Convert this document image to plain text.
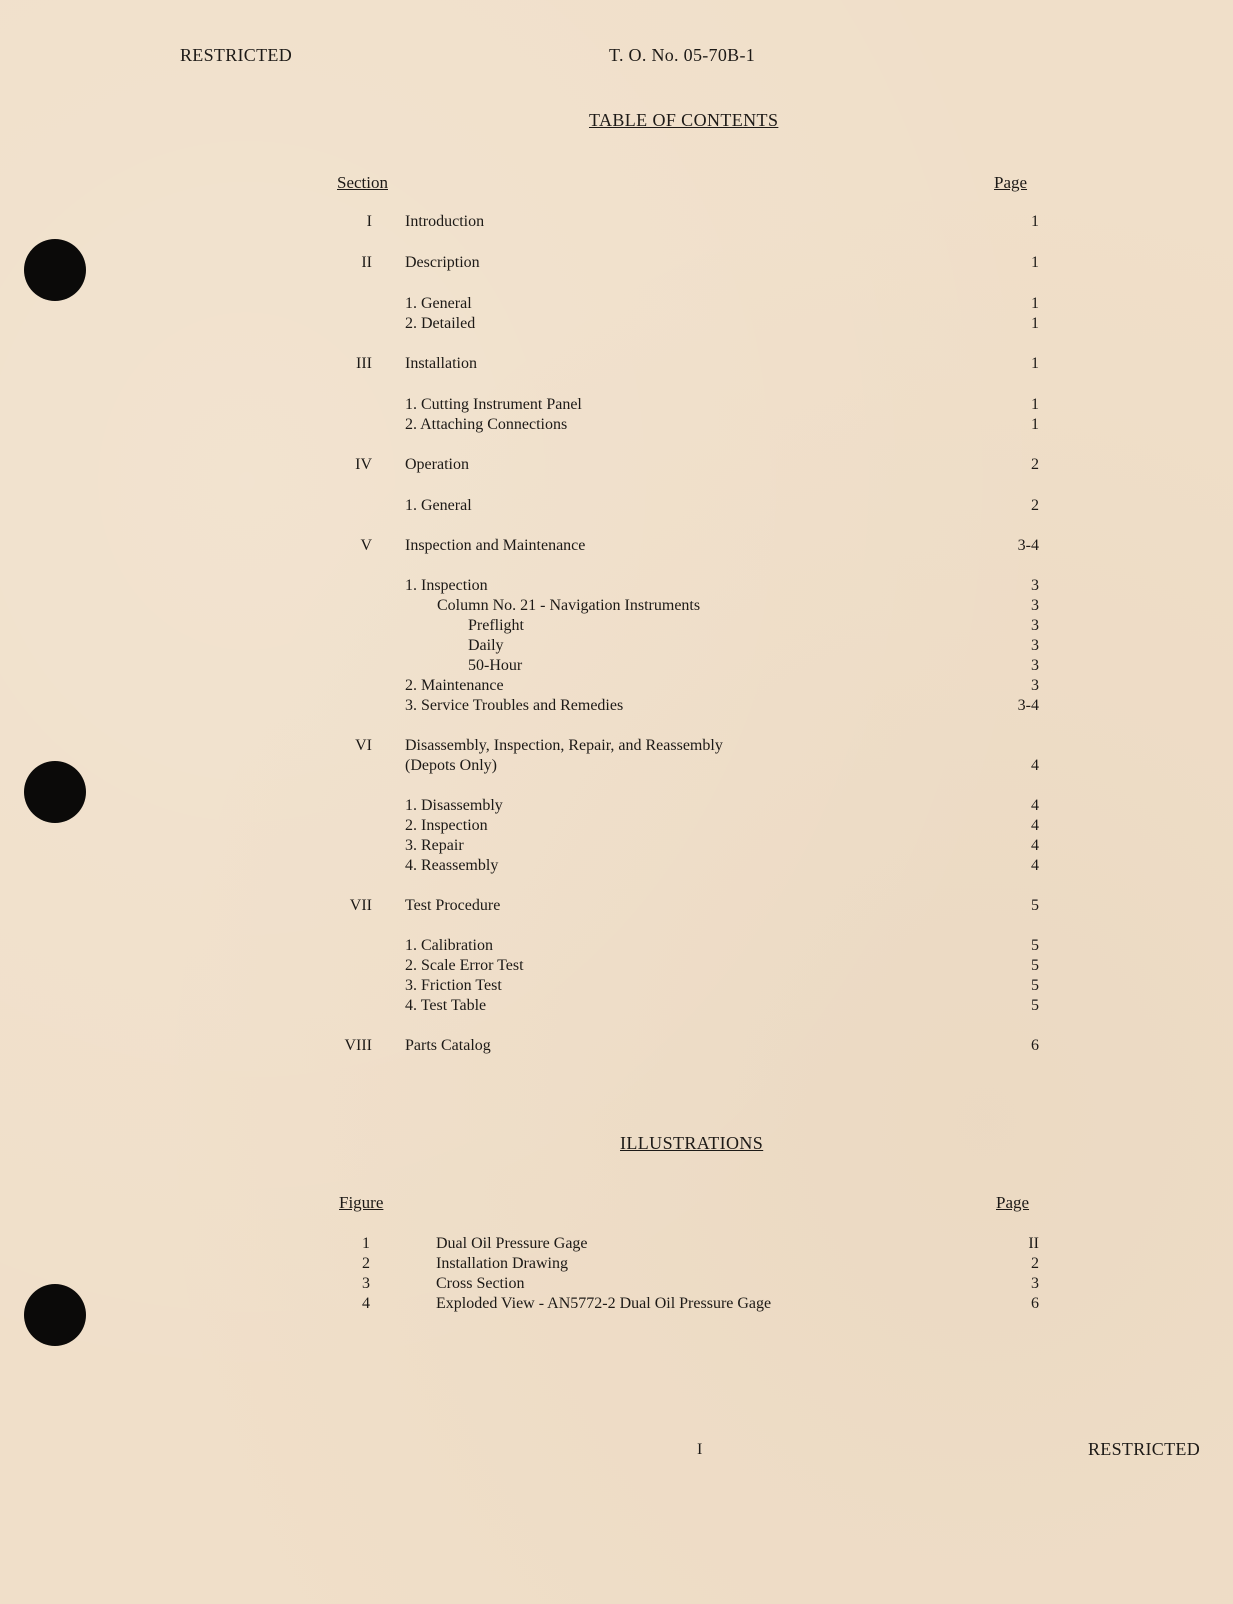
RESTRICTED	T. O. No. 05-70B-1
TABLE OF CONTENTS
Section	Page
I Introduction	1
II Description	1
1. General	1
2. Detailed	1
III Installation	1
1. Cutting Instrument Panel	1
2. Attaching Connections	1
IV Operation	2
1. General	2
V Inspection and Maintenance	3-4
1. Inspection	3
Column No. 21 - Navigation Instruments	3
Preflight	3
Daily	3
50-Hour	3
2. Maintenance	3
3. Service Troubles and Remedies	3-4
VI Disassembly, Inspection, Repair, and Reassembly
(Depots Only)	4
1. Disassembly	4
2. Inspection	4
3. Repair	4
4. Reassembly	4
VII Test Procedure	5
1. Calibration	5
2. Scale Error Test	5
3. Friction Test	5
4. Test Table	5
VIII Parts Catalog	6
ILLUSTRATIONS
Figure	Page
1	Dual Oil Pressure Gage	II
2	Installation Drawing	2
3	Cross Section	3
4	Exploded View - AN5772-2 Dual Oil Pressure Gage	6
I	RESTRICTED
